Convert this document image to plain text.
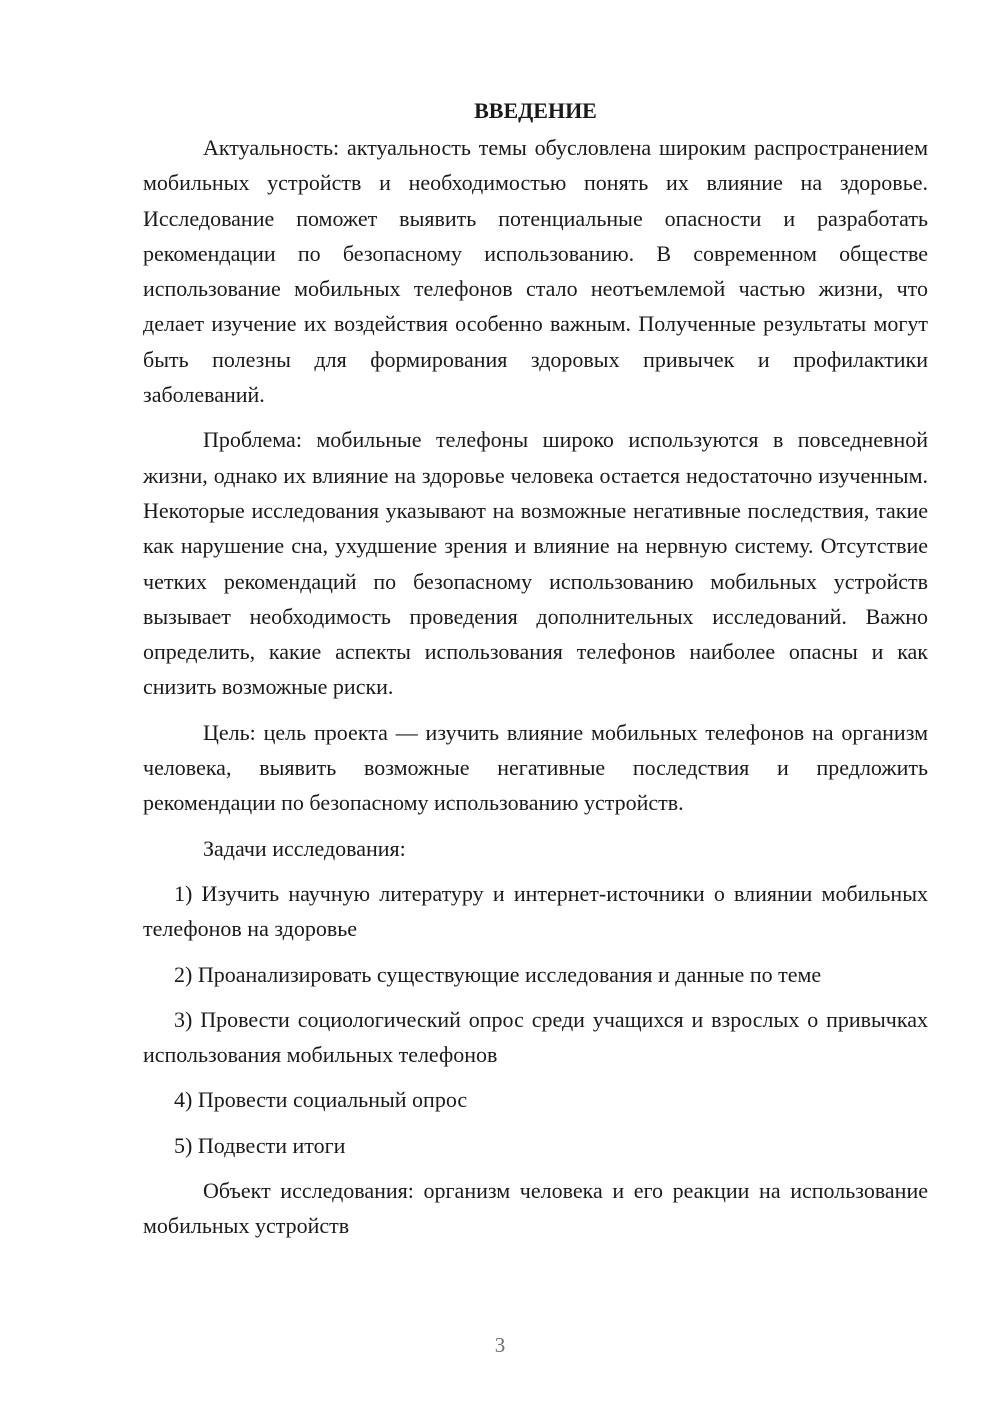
ВВЕДЕНИЕ

Актуальность: актуальность темы обусловлена широким распространением мобильных устройств и необходимостью понять их влияние на здоровье. Исследование поможет выявить потенциальные опасности и разработать рекомендации по безопасному использованию. В современном обществе использование мобильных телефонов стало неотъемлемой частью жизни, что делает изучение их воздействия особенно важным. Полученные результаты могут быть полезны для формирования здоровых привычек и профилактики заболеваний.

Проблема: мобильные телефоны широко используются в повседневной жизни, однако их влияние на здоровье человека остается недостаточно изученным. Некоторые исследования указывают на возможные негативные последствия, такие как нарушение сна, ухудшение зрения и влияние на нервную систему. Отсутствие четких рекомендаций по безопасному использованию мобильных устройств вызывает необходимость проведения дополнительных исследований. Важно определить, какие аспекты использования телефонов наиболее опасны и как снизить возможные риски.

Цель: цель проекта — изучить влияние мобильных телефонов на организм человека, выявить возможные негативные последствия и предложить рекомендации по безопасному использованию устройств.

Задачи исследования:

1) Изучить научную литературу и интернет-источники о влиянии мобильных телефонов на здоровье

2) Проанализировать существующие исследования и данные по теме

3) Провести социологический опрос среди учащихся и взрослых о привычках использования мобильных телефонов

4) Провести социальный опрос

5) Подвести итоги

Объект исследования: организм человека и его реакции на использование мобильных устройств

3
